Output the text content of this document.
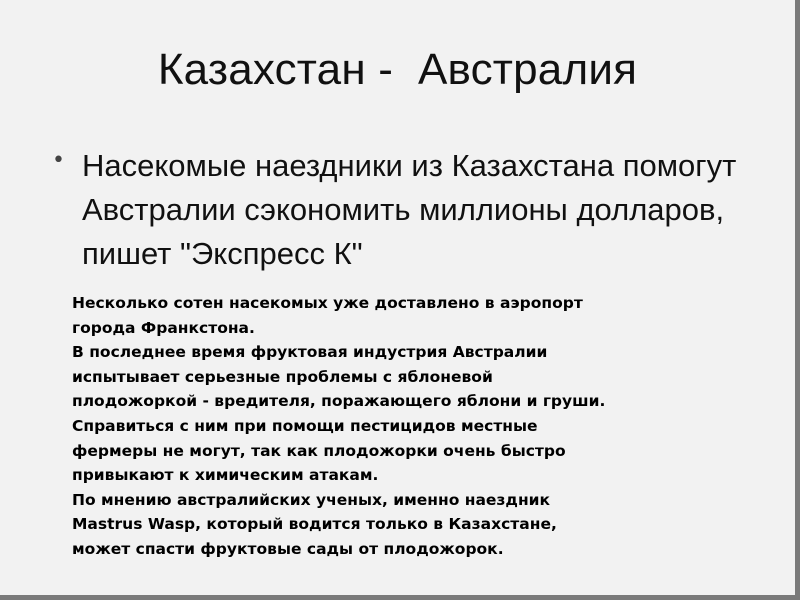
Казахстан -  Австралия
• Насекомые наездники из Казахстана помогут Австралии сэкономить миллионы долларов, пишет "Экспресс К"
Несколько сотен насекомых уже доставлено в аэропорт
города Франкстона.
В последнее время фруктовая индустрия Австралии
испытывает серьезные проблемы с яблоневой
плодожоркой - вредителя, поражающего яблони и груши.
Справиться с ним при помощи пестицидов местные
фермеры не могут, так как плодожорки очень быстро
привыкают к химическим атакам.
По мнению австралийских ученых, именно наездник
Mastrus Wasp, который водится только в Казахстане,
может спасти фруктовые сады от плодожорок.
